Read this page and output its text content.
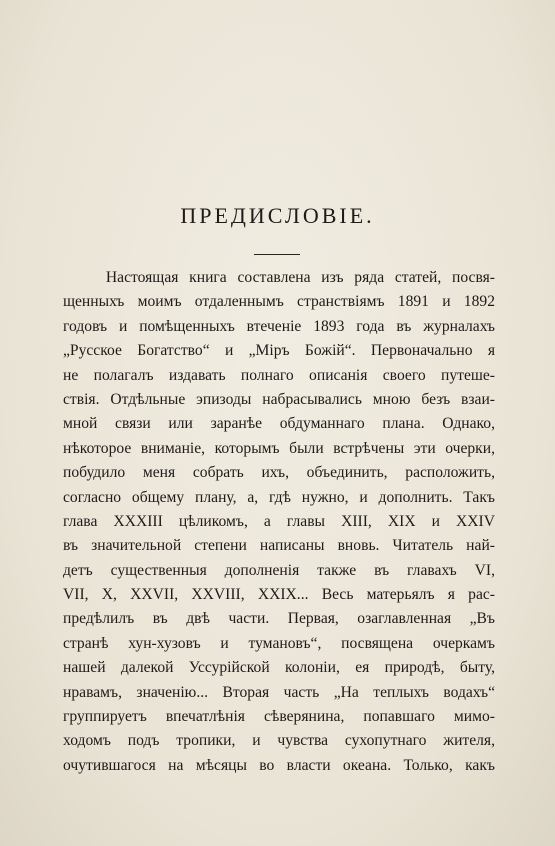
ПРЕДИСЛОВІЕ.
Настоящая книга составлена изъ ряда статей, посвя-
щенныхъ моимъ отдаленнымъ странствіямъ 1891 и 1892
годовъ и помѣщенныхъ втеченіе 1893 года въ журналахъ
„Русское Богатство“ и „Міръ Божій“. Первоначально я
не полагалъ издавать полнаго описанія своего путеше-
ствія. Отдѣльные эпизоды набрасывались мною безъ взаи-
мной связи или заранѣе обдуманнаго плана. Однако,
нѣкоторое вниманіе, которымъ были встрѣчены эти очерки,
побудило меня собрать ихъ, объединить, расположить,
согласно общему плану, а, гдѣ нужно, и дополнить. Такъ
глава XXXIII цѣликомъ, а главы XIII, XIX и XXIV
въ значительной степени написаны вновь. Читатель най-
детъ существенныя дополненія также въ главахъ VI,
VII, X, XXVII, XXVIII, XXIX... Весь матерьялъ я рас-
предѣлилъ въ двѣ части. Первая, озаглавленная „Въ
странѣ хун-хузовъ и тумановъ“, посвящена очеркамъ
нашей далекой Уссурійской колоніи, ея природѣ, быту,
нравамъ, значенію... Вторая часть „На теплыхъ водахъ“
группируетъ впечатлѣнія сѣверянина, попавшаго мимо-
ходомъ подъ тропики, и чувства сухопутнаго жителя,
очутившагося на мѣсяцы во власти океана. Только, какъ
